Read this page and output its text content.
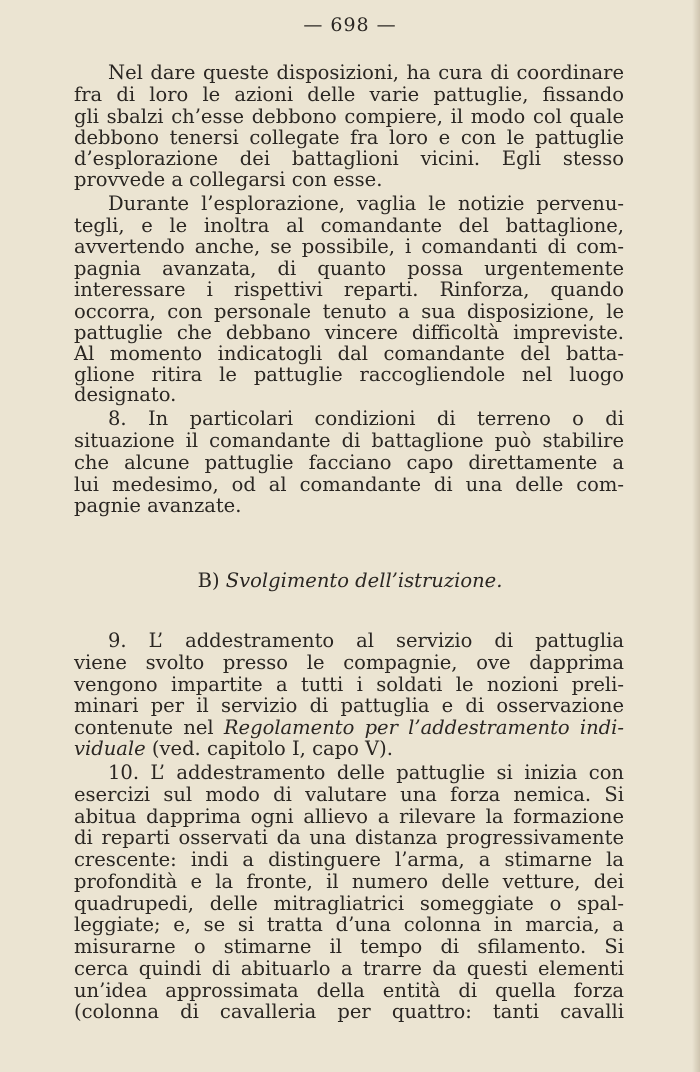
— 698 —
Nel dare queste disposizioni, ha cura di coordinare
fra di loro le azioni delle varie pattuglie, fissando
gli sbalzi ch’esse debbono compiere, il modo col quale
debbono tenersi collegate fra loro e con le pattuglie
d’esplorazione dei battaglioni vicini. Egli stesso
provvede a collegarsi con esse.
Durante l’esplorazione, vaglia le notizie pervenu-
tegli, e le inoltra al comandante del battaglione,
avvertendo anche, se possibile, i comandanti di com-
pagnia avanzata, di quanto possa urgentemente
interessare i rispettivi reparti. Rinforza, quando
occorra, con personale tenuto a sua disposizione, le
pattuglie che debbano vincere difficoltà impreviste.
Al momento indicatogli dal comandante del batta-
glione ritira le pattuglie raccogliendole nel luogo
designato.
8. In particolari condizioni di terreno o di
situazione il comandante di battaglione può stabilire
che alcune pattuglie facciano capo direttamente a
lui medesimo, od al comandante di una delle com-
pagnie avanzate.
B) Svolgimento dell’istruzione.
9. L’ addestramento al servizio di pattuglia
viene svolto presso le compagnie, ove dapprima
vengono impartite a tutti i soldati le nozioni preli-
minari per il servizio di pattuglia e di osservazione
contenute nel Regolamento per l’addestramento indi-
viduale (ved. capitolo I, capo V).
10. L’ addestramento delle pattuglie si inizia con
esercizi sul modo di valutare una forza nemica. Si
abitua dapprima ogni allievo a rilevare la formazione
di reparti osservati da una distanza progressivamente
crescente: indi a distinguere l’arma, a stimarne la
profondità e la fronte, il numero delle vetture, dei
quadrupedi, delle mitragliatrici someggiate o spal-
leggiate; e, se si tratta d’una colonna in marcia, a
misurarne o stimarne il tempo di sfilamento. Si
cerca quindi di abituarlo a trarre da questi elementi
un’idea approssimata della entità di quella forza
(colonna di cavalleria per quattro: tanti cavalli
